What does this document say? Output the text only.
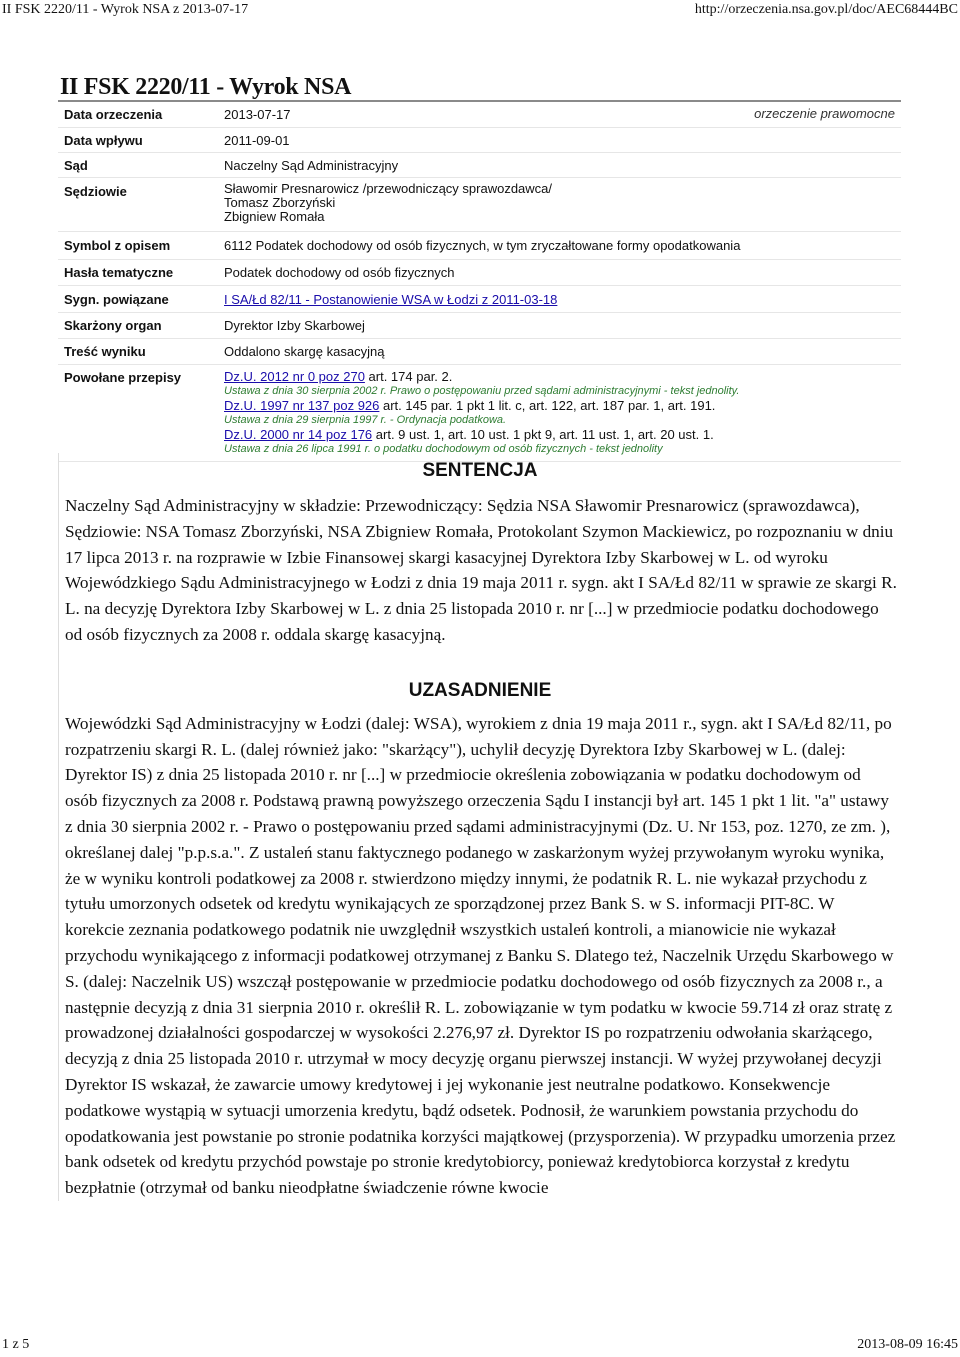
II FSK 2220/11 - Wyrok NSA z 2013-07-17	http://orzeczenia.nsa.gov.pl/doc/AEC68444BC
II FSK 2220/11 - Wyrok NSA
Data orzeczenia	2013-07-17	orzeczenie prawomocne
Data wpływu	2011-09-01
Sąd	Naczelny Sąd Administracyjny
Sędziowie	Sławomir Presnarowicz /przewodniczący sprawozdawca/
Tomasz Zborzyński
Zbigniew Romała
Symbol z opisem	6112 Podatek dochodowy od osób fizycznych, w tym zryczałtowane formy opodatkowania
Hasła tematyczne	Podatek dochodowy od osób fizycznych
Sygn. powiązane	I SA/Łd 82/11 - Postanowienie WSA w Łodzi z 2011-03-18
Skarżony organ	Dyrektor Izby Skarbowej
Treść wyniku	Oddalono skargę kasacyjną
Powołane przepisy	Dz.U. 2012 nr 0 poz 270 art. 174 par. 2.
Ustawa z dnia 30 sierpnia 2002 r. Prawo o postępowaniu przed sądami administracyjnymi - tekst jednolity.
Dz.U. 1997 nr 137 poz 926 art. 145 par. 1 pkt 1 lit. c, art. 122, art. 187 par. 1, art. 191.
Ustawa z dnia 29 sierpnia 1997 r. - Ordynacja podatkowa.
Dz.U. 2000 nr 14 poz 176 art. 9 ust. 1, art. 10 ust. 1 pkt 9, art. 11 ust. 1, art. 20 ust. 1.
Ustawa z dnia 26 lipca 1991 r. o podatku dochodowym od osób fizycznych - tekst jednolity
SENTENCJA

Naczelny Sąd Administracyjny w składzie: Przewodniczący: Sędzia NSA Sławomir Presnarowicz (sprawozdawca), Sędziowie: NSA Tomasz Zborzyński, NSA Zbigniew Romała, Protokolant Szymon Mackiewicz, po rozpoznaniu w dniu 17 lipca 2013 r. na rozprawie w Izbie Finansowej skargi kasacyjnej Dyrektora Izby Skarbowej w L. od wyroku Wojewódzkiego Sądu Administracyjnego w Łodzi z dnia 19 maja 2011 r. sygn. akt I SA/Łd 82/11 w sprawie ze skargi R. L. na decyzję Dyrektora Izby Skarbowej w L. z dnia 25 listopada 2010 r. nr [...] w przedmiocie podatku dochodowego od osób fizycznych za 2008 r. oddala skargę kasacyjną.

UZASADNIENIE

Wojewódzki Sąd Administracyjny w Łodzi (dalej: WSA), wyrokiem z dnia 19 maja 2011 r., sygn. akt I SA/Łd 82/11, po rozpatrzeniu skargi R. L. (dalej również jako: "skarżący"), uchylił decyzję Dyrektora Izby Skarbowej w L. (dalej: Dyrektor IS) z dnia 25 listopada 2010 r. nr [...] w przedmiocie określenia zobowiązania w podatku dochodowym od osób fizycznych za 2008 r. Podstawą prawną powyższego orzeczenia Sądu I instancji był art. 145 1 pkt 1 lit. "a" ustawy z dnia 30 sierpnia 2002 r. - Prawo o postępowaniu przed sądami administracyjnymi (Dz. U. Nr 153, poz. 1270, ze zm. ), określanej dalej "p.p.s.a.". Z ustaleń stanu faktycznego podanego w zaskarżonym wyżej przywołanym wyroku wynika, że w wyniku kontroli podatkowej za 2008 r. stwierdzono między innymi, że podatnik R. L. nie wykazał przychodu z tytułu umorzonych odsetek od kredytu wynikających ze sporządzonej przez Bank S. w S. informacji PIT-8C. W korekcie zeznania podatkowego podatnik nie uwzględnił wszystkich ustaleń kontroli, a mianowicie nie wykazał przychodu wynikającego z informacji podatkowej otrzymanej z Banku S. Dlatego też, Naczelnik Urzędu Skarbowego w S. (dalej: Naczelnik US) wszczął postępowanie w przedmiocie podatku dochodowego od osób fizycznych za 2008 r., a następnie decyzją z dnia 31 sierpnia 2010 r. określił R. L. zobowiązanie w tym podatku w kwocie 59.714 zł oraz stratę z prowadzonej działalności gospodarczej w wysokości 2.276,97 zł. Dyrektor IS po rozpatrzeniu odwołania skarżącego, decyzją z dnia 25 listopada 2010 r. utrzymał w mocy decyzję organu pierwszej instancji. W wyżej przywołanej decyzji Dyrektor IS wskazał, że zawarcie umowy kredytowej i jej wykonanie jest neutralne podatkowo. Konsekwencje podatkowe wystąpią w sytuacji umorzenia kredytu, bądź odsetek. Podnosił, że warunkiem powstania przychodu do opodatkowania jest powstanie po stronie podatnika korzyści majątkowej (przysporzenia). W przypadku umorzenia przez bank odsetek od kredytu przychód powstaje po stronie kredytobiorcy, ponieważ kredytobiorca korzystał z kredytu bezpłatnie (otrzymał od banku nieodpłatne świadczenie równe kwocie

1 z 5	2013-08-09 16:45
